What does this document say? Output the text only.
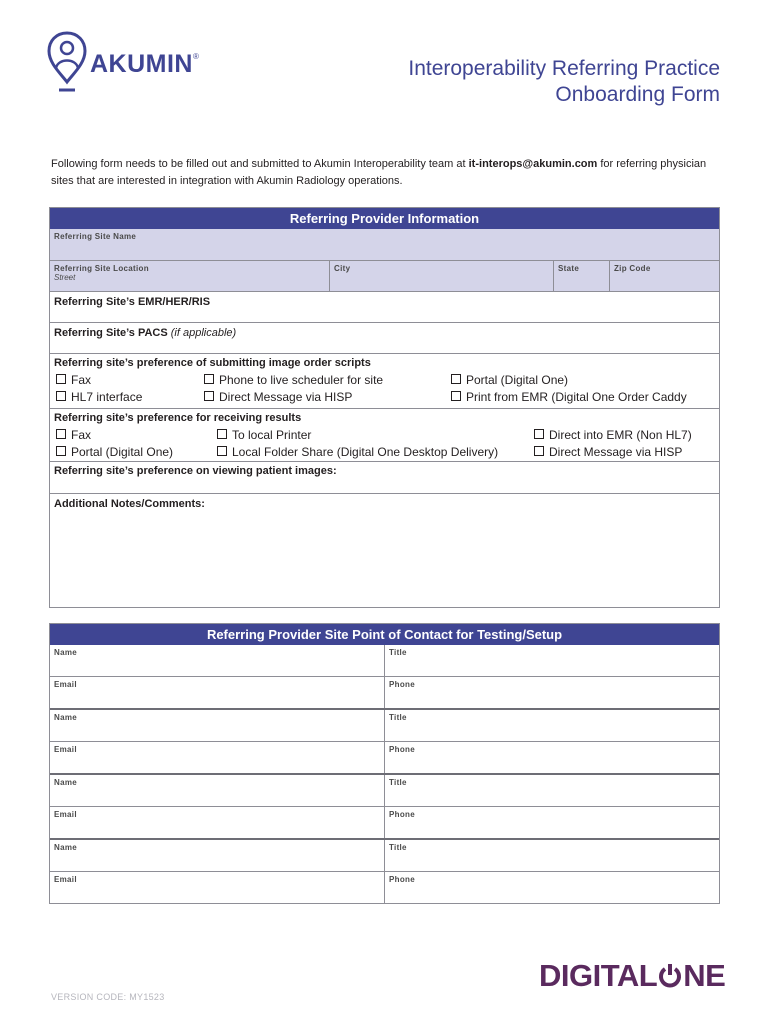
AKUMIN®
Interoperability Referring Practice
Onboarding Form
Following form needs to be filled out and submitted to Akumin Interoperability team at it-interops@akumin.com for referring physician sites that are interested in integration with Akumin Radiology operations.
Referring Provider Information
Referring Site Name
Referring Site Location
Street
City	State	Zip Code
Referring Site’s EMR/HER/RIS
Referring Site’s PACS (if applicable)
Referring site’s preference of submitting image order scripts
Fax	Phone to live scheduler for site	Portal (Digital One)
HL7 interface	Direct Message via HISP	Print from EMR (Digital One Order Caddy
Referring site’s preference for receiving results
Fax	To local Printer	Direct into EMR (Non HL7)
Portal (Digital One)	Local Folder Share (Digital One Desktop Delivery)	Direct Message via HISP
Referring site’s preference on viewing patient images:
Additional Notes/Comments:
Referring Provider Site Point of Contact for Testing/Setup
Name	Title
Email	Phone
Name	Title
Email	Phone
Name	Title
Email	Phone
Name	Title
Email	Phone
DIGITAL NE
VERSION CODE: MY1523
